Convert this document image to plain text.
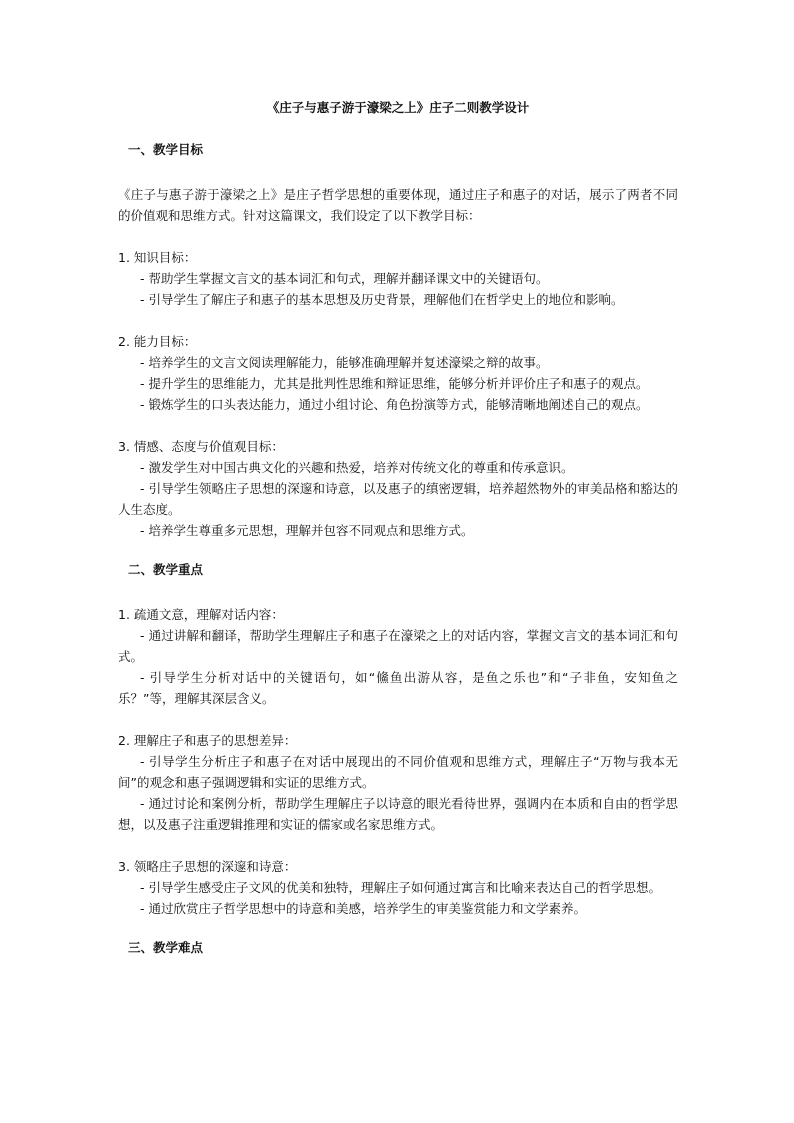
《庄子与惠子游于濠梁之上》庄子二则教学设计
一、教学目标
《庄子与惠子游于濠梁之上》是庄子哲学思想的重要体现，通过庄子和惠子的对话，展示了两者不同的价值观和思维方式。针对这篇课文，我们设定了以下教学目标：
1. 知识目标：
- 帮助学生掌握文言文的基本词汇和句式，理解并翻译课文中的关键语句。
- 引导学生了解庄子和惠子的基本思想及历史背景，理解他们在哲学史上的地位和影响。
2. 能力目标：
- 培养学生的文言文阅读理解能力，能够准确理解并复述濠梁之辩的故事。
- 提升学生的思维能力，尤其是批判性思维和辩证思维，能够分析并评价庄子和惠子的观点。
- 锻炼学生的口头表达能力，通过小组讨论、角色扮演等方式，能够清晰地阐述自己的观点。
3. 情感、态度与价值观目标：
- 激发学生对中国古典文化的兴趣和热爱，培养对传统文化的尊重和传承意识。
- 引导学生领略庄子思想的深邃和诗意，以及惠子的缜密逻辑，培养超然物外的审美品格和豁达的人生态度。
- 培养学生尊重多元思想，理解并包容不同观点和思维方式。
二、教学重点
1. 疏通文意，理解对话内容：
- 通过讲解和翻译，帮助学生理解庄子和惠子在濠梁之上的对话内容，掌握文言文的基本词汇和句式。
- 引导学生分析对话中的关键语句，如“鯈鱼出游从容，是鱼之乐也”和“子非鱼，安知鱼之乐？”等，理解其深层含义。
2. 理解庄子和惠子的思想差异：
- 引导学生分析庄子和惠子在对话中展现出的不同价值观和思维方式，理解庄子“万物与我本无间”的观念和惠子强调逻辑和实证的思维方式。
- 通过讨论和案例分析，帮助学生理解庄子以诗意的眼光看待世界，强调内在本质和自由的哲学思想，以及惠子注重逻辑推理和实证的儒家或名家思维方式。
3. 领略庄子思想的深邃和诗意：
- 引导学生感受庄子文风的优美和独特，理解庄子如何通过寓言和比喻来表达自己的哲学思想。
- 通过欣赏庄子哲学思想中的诗意和美感，培养学生的审美鉴赏能力和文学素养。
三、教学难点
